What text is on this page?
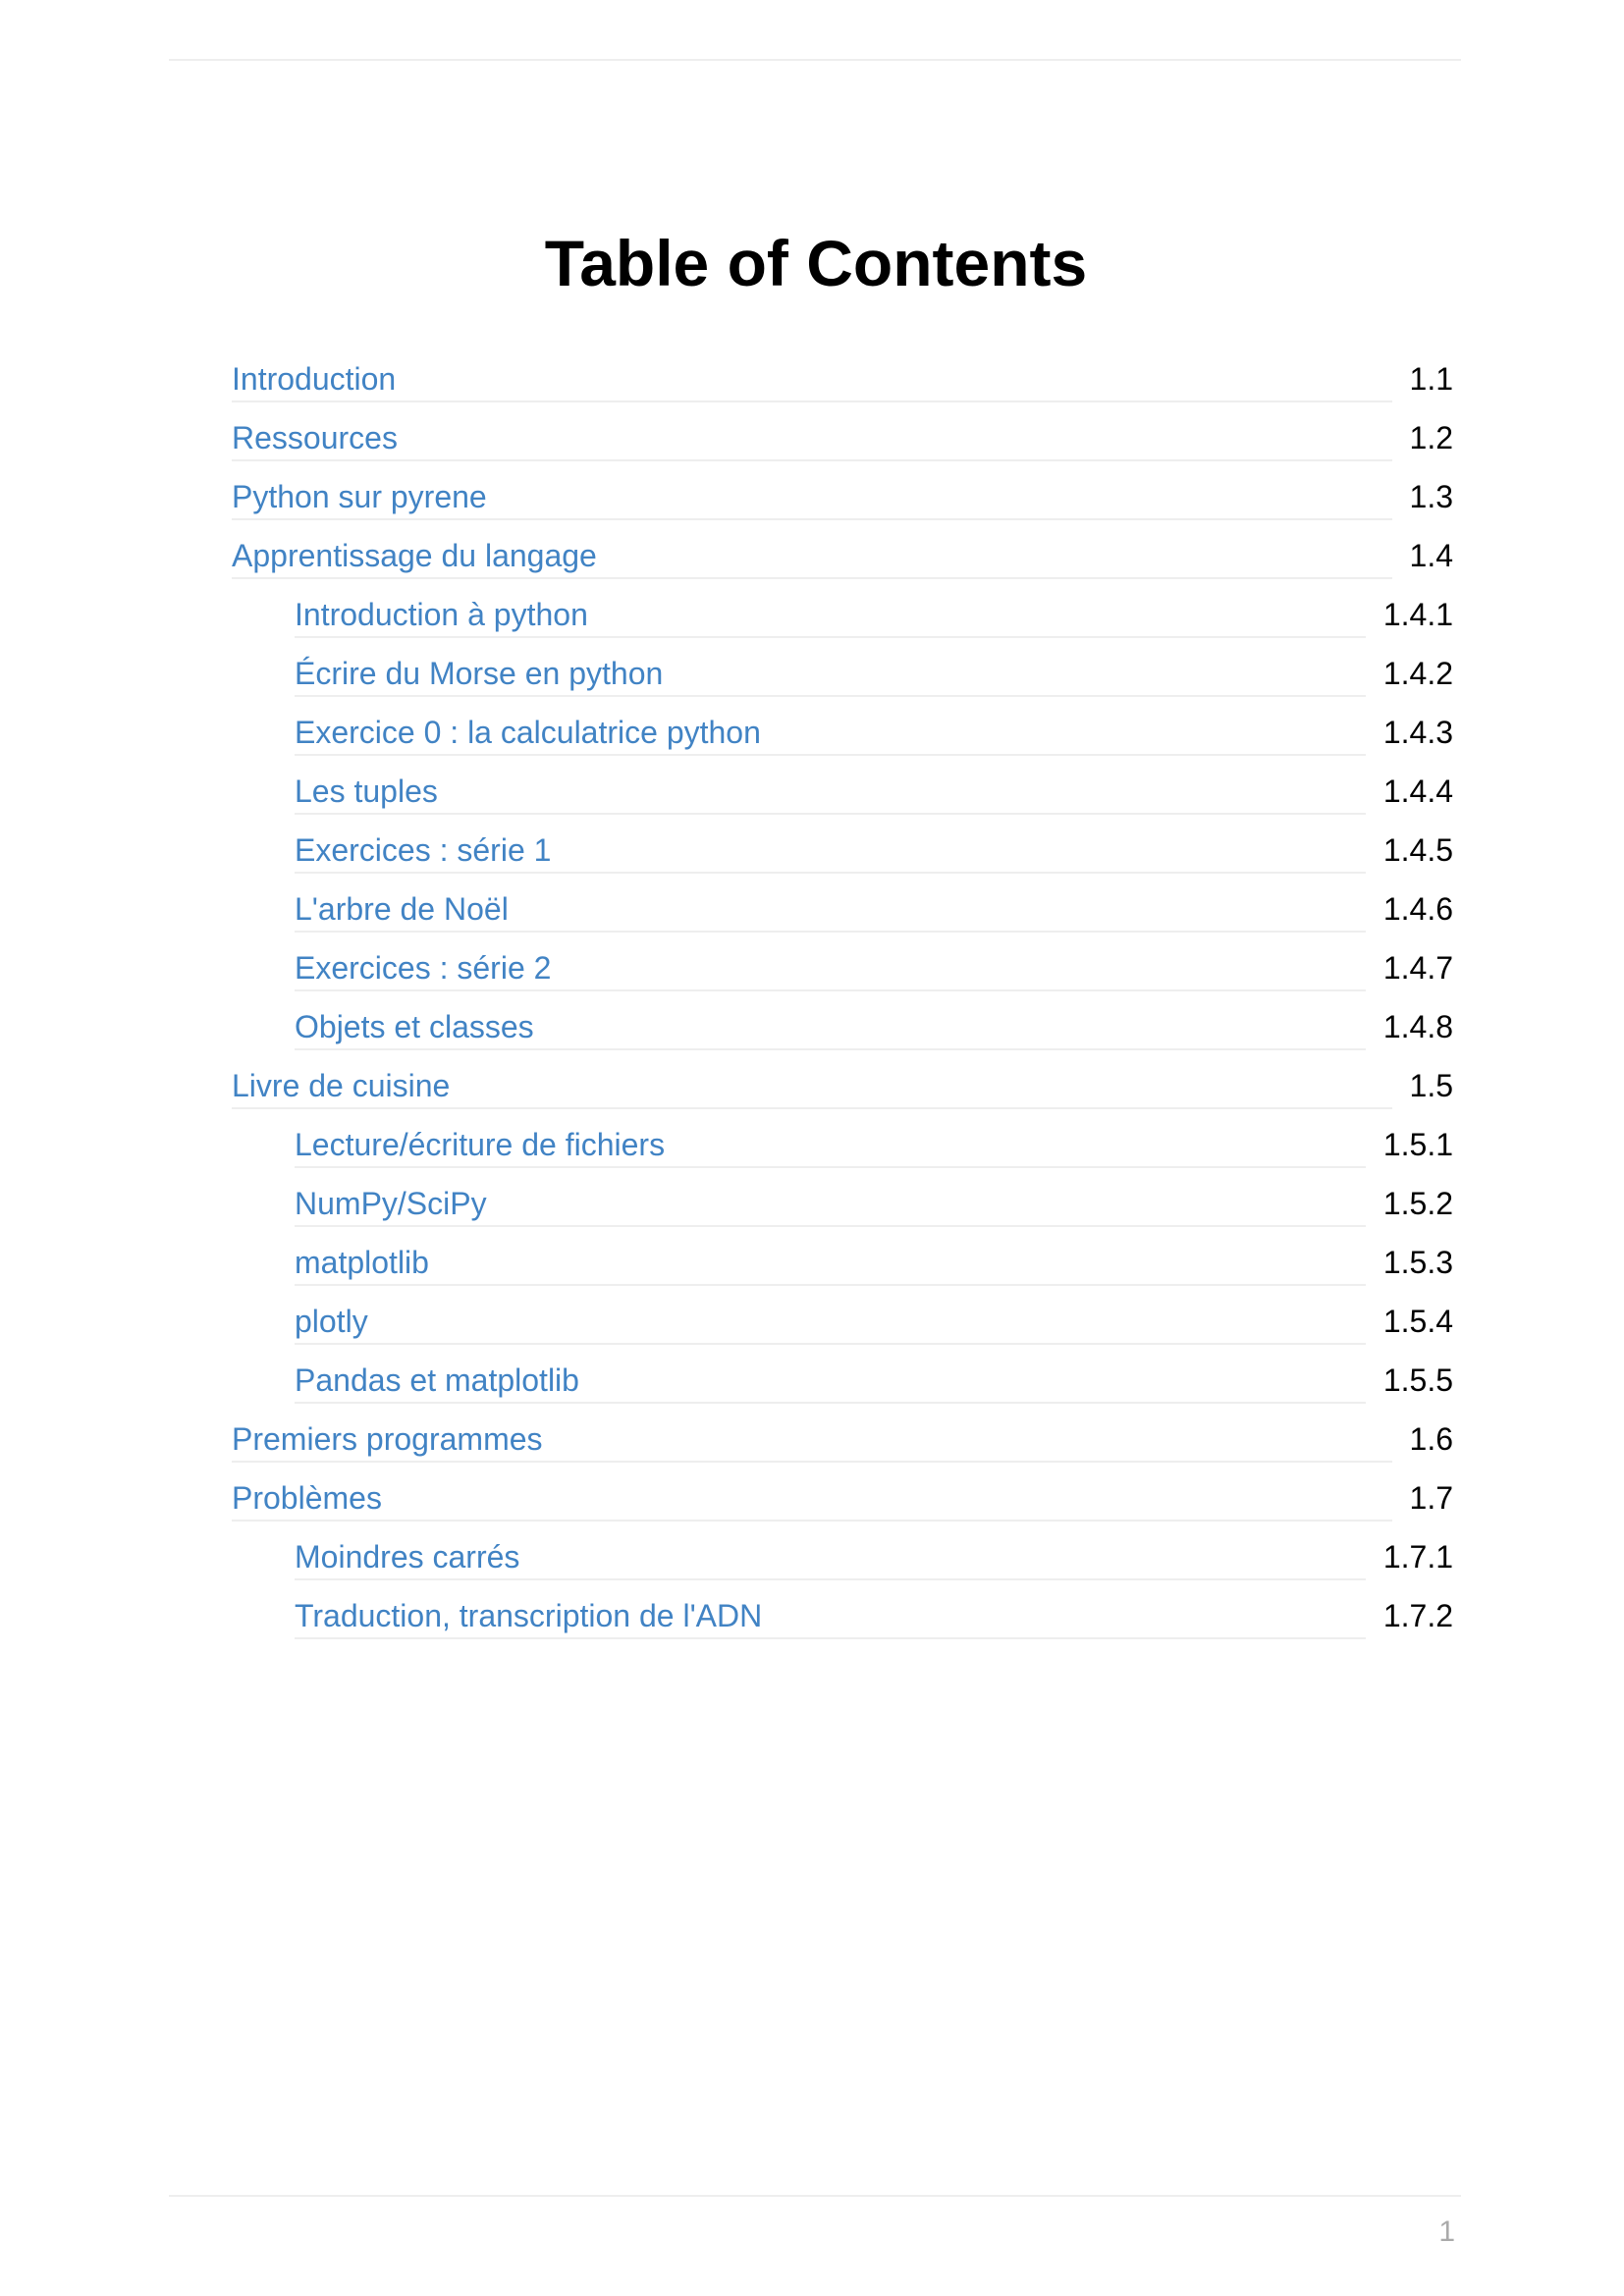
Table of Contents
Introduction	1.1
Ressources	1.2
Python sur pyrene	1.3
Apprentissage du langage	1.4
Introduction à python	1.4.1
Écrire du Morse en python	1.4.2
Exercice 0 : la calculatrice python	1.4.3
Les tuples	1.4.4
Exercices : série 1	1.4.5
L'arbre de Noël	1.4.6
Exercices : série 2	1.4.7
Objets et classes	1.4.8
Livre de cuisine	1.5
Lecture/écriture de fichiers	1.5.1
NumPy/SciPy	1.5.2
matplotlib	1.5.3
plotly	1.5.4
Pandas et matplotlib	1.5.5
Premiers programmes	1.6
Problèmes	1.7
Moindres carrés	1.7.1
Traduction, transcription de l'ADN	1.7.2
1
